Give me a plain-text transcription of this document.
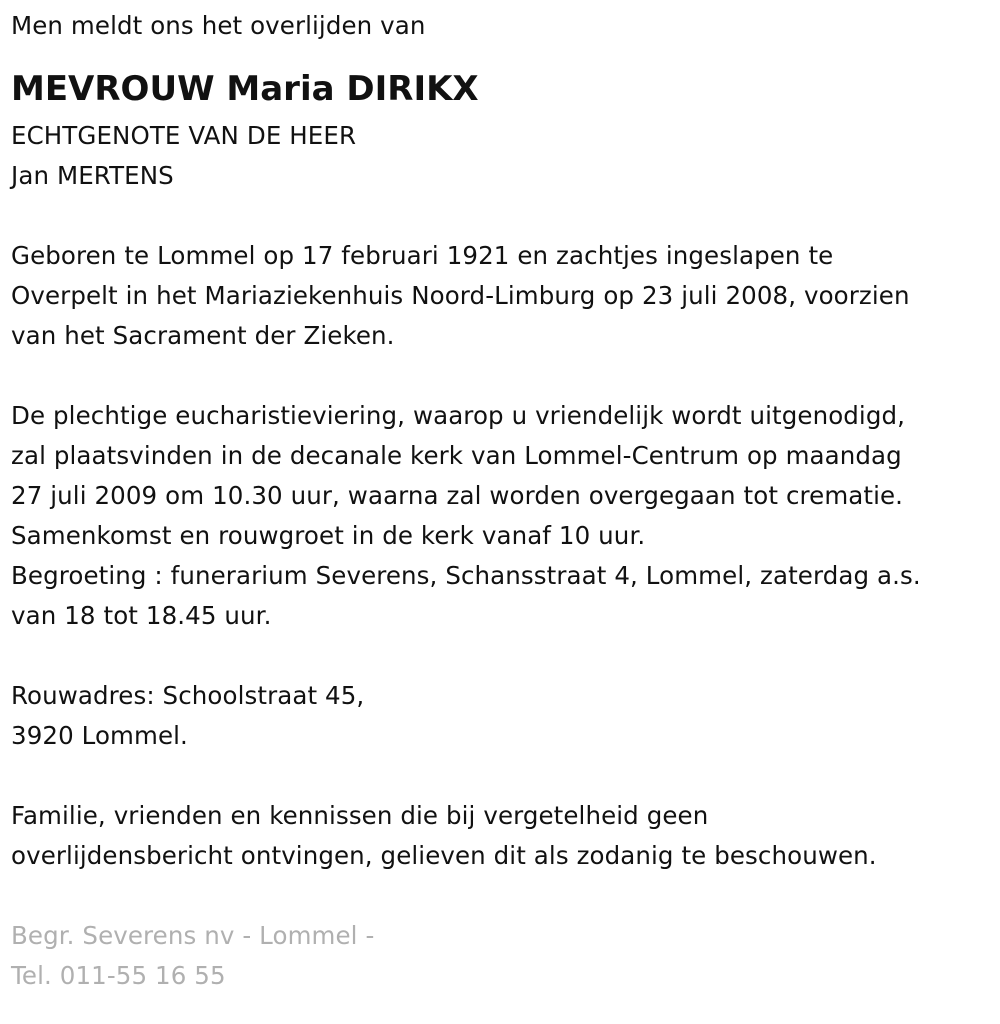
Men meldt ons het overlijden van
MEVROUW Maria DIRIKX
ECHTGENOTE VAN DE HEER
Jan MERTENS
Geboren te Lommel op 17 februari 1921 en zachtjes ingeslapen te
Overpelt in het Mariaziekenhuis Noord-Limburg op 23 juli 2008, voorzien
van het Sacrament der Zieken.
De plechtige eucharistieviering, waarop u vriendelijk wordt uitgenodigd,
zal plaatsvinden in de decanale kerk van Lommel-Centrum op maandag
27 juli 2009 om 10.30 uur, waarna zal worden overgegaan tot crematie.
Samenkomst en rouwgroet in de kerk vanaf 10 uur.
Begroeting : funerarium Severens, Schansstraat 4, Lommel, zaterdag a.s.
van 18 tot 18.45 uur.
Rouwadres: Schoolstraat 45,
3920 Lommel.
Familie, vrienden en kennissen die bij vergetelheid geen
overlijdensbericht ontvingen, gelieven dit als zodanig te beschouwen.
Begr. Severens nv - Lommel -
Tel. 011-55 16 55
